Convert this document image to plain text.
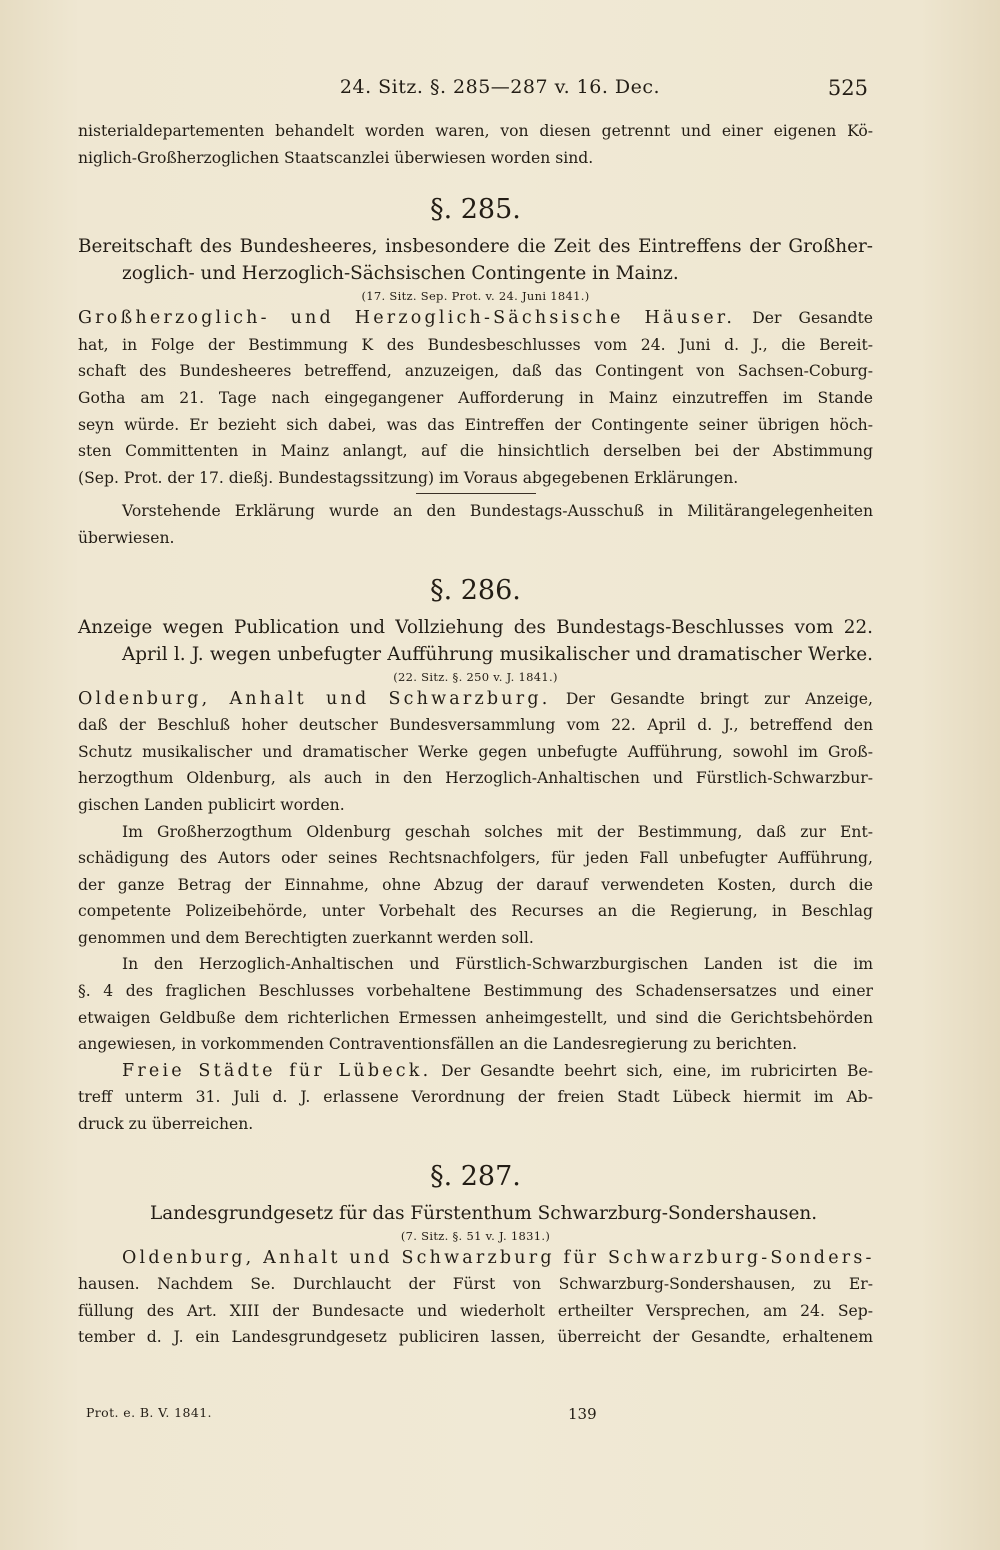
24. Sitz. §. 285—287 v. 16. Dec.	525
nisterialdepartementen behandelt worden waren, von diesen getrennt und einer eigenen Kö-
niglich-Großherzoglichen Staatscanzlei überwiesen worden sind.
§. 285.
Bereitschaft des Bundesheeres, insbesondere die Zeit des Eintreffens der Großher-
zoglich- und Herzoglich-Sächsischen Contingente in Mainz.
(17. Sitz. Sep. Prot. v. 24. Juni 1841.)
Großherzoglich- und Herzoglich-Sächsische Häuser. Der Gesandte
hat, in Folge der Bestimmung K des Bundesbeschlusses vom 24. Juni d. J., die Bereit-
schaft des Bundesheeres betreffend, anzuzeigen, daß das Contingent von Sachsen-Coburg-
Gotha am 21. Tage nach eingegangener Aufforderung in Mainz einzutreffen im Stande
seyn würde. Er bezieht sich dabei, was das Eintreffen der Contingente seiner übrigen höch-
sten Committenten in Mainz anlangt, auf die hinsichtlich derselben bei der Abstimmung
(Sep. Prot. der 17. dießj. Bundestagssitzung) im Voraus abgegebenen Erklärungen.
Vorstehende Erklärung wurde an den Bundestags-Ausschuß in Militärangelegenheiten
überwiesen.
§. 286.
Anzeige wegen Publication und Vollziehung des Bundestags-Beschlusses vom 22.
April l. J. wegen unbefugter Aufführung musikalischer und dramatischer Werke.
(22. Sitz. §. 250 v. J. 1841.)
Oldenburg, Anhalt und Schwarzburg. Der Gesandte bringt zur Anzeige,
daß der Beschluß hoher deutscher Bundesversammlung vom 22. April d. J., betreffend den
Schutz musikalischer und dramatischer Werke gegen unbefugte Aufführung, sowohl im Groß-
herzogthum Oldenburg, als auch in den Herzoglich-Anhaltischen und Fürstlich-Schwarzbur-
gischen Landen publicirt worden.
Im Großherzogthum Oldenburg geschah solches mit der Bestimmung, daß zur Ent-
schädigung des Autors oder seines Rechtsnachfolgers, für jeden Fall unbefugter Aufführung,
der ganze Betrag der Einnahme, ohne Abzug der darauf verwendeten Kosten, durch die
competente Polizeibehörde, unter Vorbehalt des Recurses an die Regierung, in Beschlag
genommen und dem Berechtigten zuerkannt werden soll.
In den Herzoglich-Anhaltischen und Fürstlich-Schwarzburgischen Landen ist die im
§. 4 des fraglichen Beschlusses vorbehaltene Bestimmung des Schadensersatzes und einer
etwaigen Geldbuße dem richterlichen Ermessen anheimgestellt, und sind die Gerichtsbehörden
angewiesen, in vorkommenden Contraventionsfällen an die Landesregierung zu berichten.
Freie Städte für Lübeck. Der Gesandte beehrt sich, eine, im rubricirten Be-
treff unterm 31. Juli d. J. erlassene Verordnung der freien Stadt Lübeck hiermit im Ab-
druck zu überreichen.
§. 287.
Landesgrundgesetz für das Fürstenthum Schwarzburg-Sondershausen.
(7. Sitz. §. 51 v. J. 1831.)
Oldenburg, Anhalt und Schwarzburg für Schwarzburg-Sonders-
hausen. Nachdem Se. Durchlaucht der Fürst von Schwarzburg-Sondershausen, zu Er-
füllung des Art. XIII der Bundesacte und wiederholt ertheilter Versprechen, am 24. Sep-
tember d. J. ein Landesgrundgesetz publiciren lassen, überreicht der Gesandte, erhaltenem
Prot. e. B. V. 1841.	139
